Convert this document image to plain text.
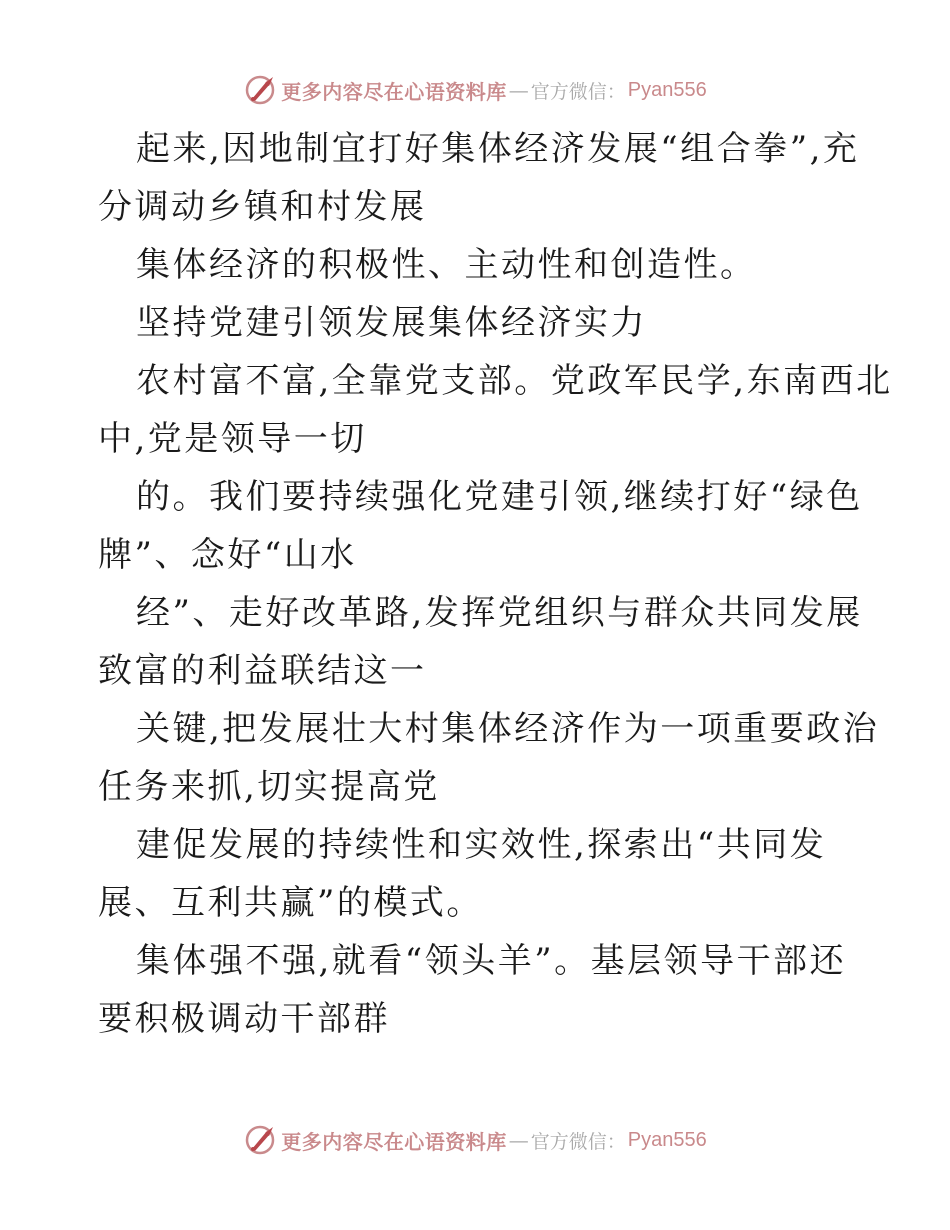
更多内容尽在心语资料库 — 官方微信： Pyan556
起来,因地制宜打好集体经济发展“组合拳”,充
分调动乡镇和村发展
集体经济的积极性、主动性和创造性。
坚持党建引领发展集体经济实力
农村富不富,全靠党支部。党政军民学,东南西北
中,党是领导一切
的。我们要持续强化党建引领,继续打好“绿色
牌”、念好“山水
经”、走好改革路,发挥党组织与群众共同发展
致富的利益联结这一
关键,把发展壮大村集体经济作为一项重要政治
任务来抓,切实提高党
建促发展的持续性和实效性,探索出“共同发
展、互利共赢”的模式。
集体强不强,就看“领头羊”。基层领导干部还
要积极调动干部群
更多内容尽在心语资料库 — 官方微信： Pyan556
